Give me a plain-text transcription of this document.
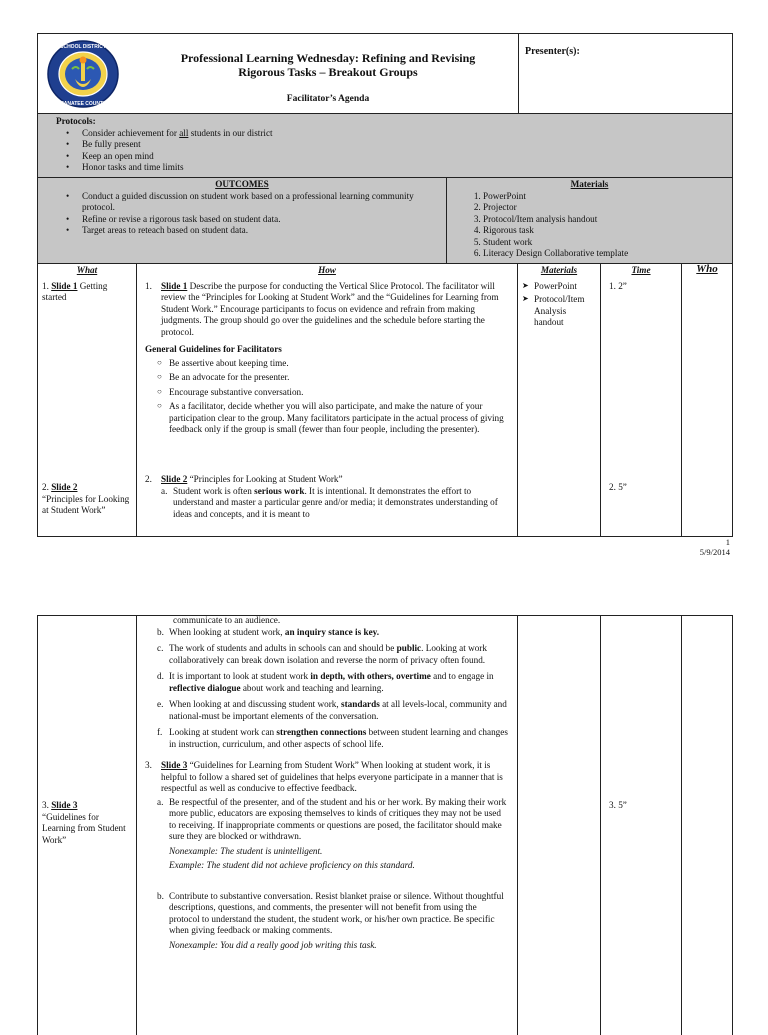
SCHOOL DISTRICT
MANATEE COUNTY
Professional Learning Wednesday: Refining and Revising
Rigorous Tasks – Breakout Groups
Facilitator’s Agenda
Presenter(s):
Protocols:
• Consider achievement for all students in our district
• Be fully present
• Keep an open mind
• Honor tasks and time limits
OUTCOMES
• Conduct a guided discussion on student work based on a professional learning community protocol.
• Refine or revise a rigorous task based on student data.
• Target areas to reteach based on student data.
Materials
1. PowerPoint
2. Projector
3. Protocol/Item analysis handout
4. Rigorous task
5. Student work
6. Literacy Design Collaborative template
What
1. Slide 1 Getting started
2. Slide 2
“Principles for Looking at Student Work”
How
1. Slide 1 Describe the purpose for conducting the Vertical Slice Protocol. The facilitator will review the “Principles for Looking at Student Work” and the “Guidelines for Learning from Student Work.” Encourage participants to focus on evidence and refrain from making judgments. The group should go over the guidelines and the schedule before starting the protocol.
General Guidelines for Facilitators
○ Be assertive about keeping time.
○ Be an advocate for the presenter.
○ Encourage substantive conversation.
○ As a facilitator, decide whether you will also participate, and make the nature of your participation clear to the group. Many facilitators participate in the actual process of giving feedback only if the group is small (fewer than four people, including the presenter).
2. Slide 2 “Principles for Looking at Student Work”
a. Student work is often serious work. It is intentional. It demonstrates the effort to understand and master a particular genre and/or media; it demonstrates understanding of ideas and concepts, and it is meant to
Materials
➤ PowerPoint
➤ Protocol/Item Analysis handout
Time
1. 2”
2. 5”
Who
1
5/9/2014
3. Slide 3
“Guidelines for Learning from Student Work”
communicate to an audience.
b. When looking at student work, an inquiry stance is key.
c. The work of students and adults in schools can and should be public. Looking at work collaboratively can break down isolation and reverse the norm of privacy often found.
d. It is important to look at student work in depth, with others, overtime and to engage in reflective dialogue about work and teaching and learning.
e. When looking at and discussing student work, standards at all levels-local, community and national-must be important elements of the conversation.
f. Looking at student work can strengthen connections between student learning and changes in instruction, curriculum, and other aspects of school life.
3. Slide 3 “Guidelines for Learning from Student Work” When looking at student work, it is helpful to follow a shared set of guidelines that helps everyone participate in a manner that is respectful as well as conducive to effective feedback.
a. Be respectful of the presenter, and of the student and his or her work. By making their work more public, educators are exposing themselves to kinds of critiques they may not be used to receiving. If inappropriate comments or questions are posed, the facilitator should make sure they are blocked or withdrawn.
Nonexample: The student is unintelligent.
Example: The student did not achieve proficiency on this standard.
b. Contribute to substantive conversation. Resist blanket praise or silence. Without thoughtful descriptions, questions, and comments, the presenter will not benefit from using the protocol to understand the student, the student work, or his/her own practice. Be specific when giving feedback or making comments.
Nonexample: You did a really good job writing this task.
3. 5”
